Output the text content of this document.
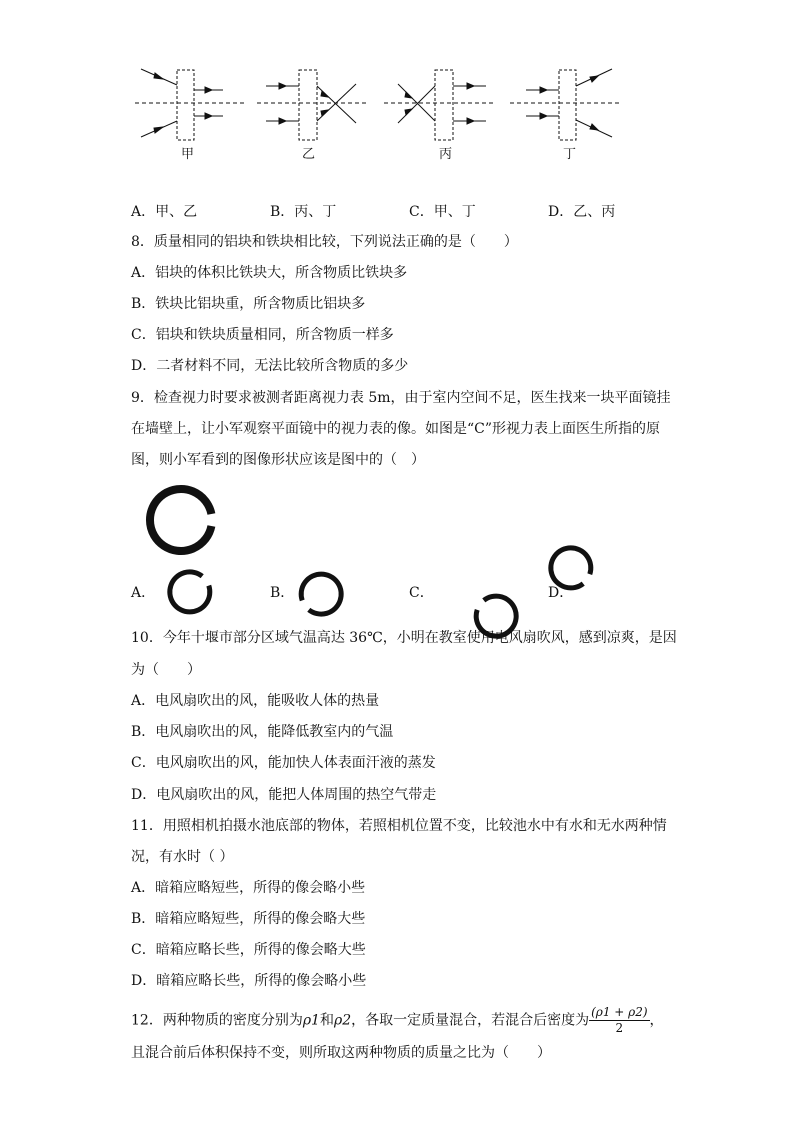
甲	乙	丙	丁
A．甲、乙	B．丙、丁	C．甲、丁	D．乙、丙
8．质量相同的铝块和铁块相比较，下列说法正确的是（　　）
A．铝块的体积比铁块大，所含物质比铁块多
B．铁块比铝块重，所含物质比铝块多
C．铝块和铁块质量相同，所含物质一样多
D．二者材料不同，无法比较所含物质的多少
9．检查视力时要求被测者距离视力表 5m，由于室内空间不足，医生找来一块平面镜挂
在墙壁上，让小军观察平面镜中的视力表的像。如图是“C”形视力表上面医生所指的原
图，则小军看到的图像形状应该是图中的（　）
A．	B．	C．	D．
10．今年十堰市部分区域气温高达 36℃，小明在教室使用电风扇吹风，感到凉爽，是因
为（　　）
A．电风扇吹出的风，能吸收人体的热量
B．电风扇吹出的风，能降低教室内的气温
C．电风扇吹出的风，能加快人体表面汗液的蒸发
D．电风扇吹出的风，能把人体周围的热空气带走
11．用照相机拍摄水池底部的物体，若照相机位置不变，比较池水中有水和无水两种情
况，有水时（ ）
A．暗箱应略短些，所得的像会略小些
B．暗箱应略短些，所得的像会略大些
C．暗箱应略长些，所得的像会略大些
D．暗箱应略长些，所得的像会略小些
12．两种物质的密度分别为ρ1和ρ2，各取一定质量混合，若混合后密度为 $\frac{(\rho 1 + \rho 2)}{2}$ ，
且混合前后体积保持不变，则所取这两种物质的质量之比为（　　）
